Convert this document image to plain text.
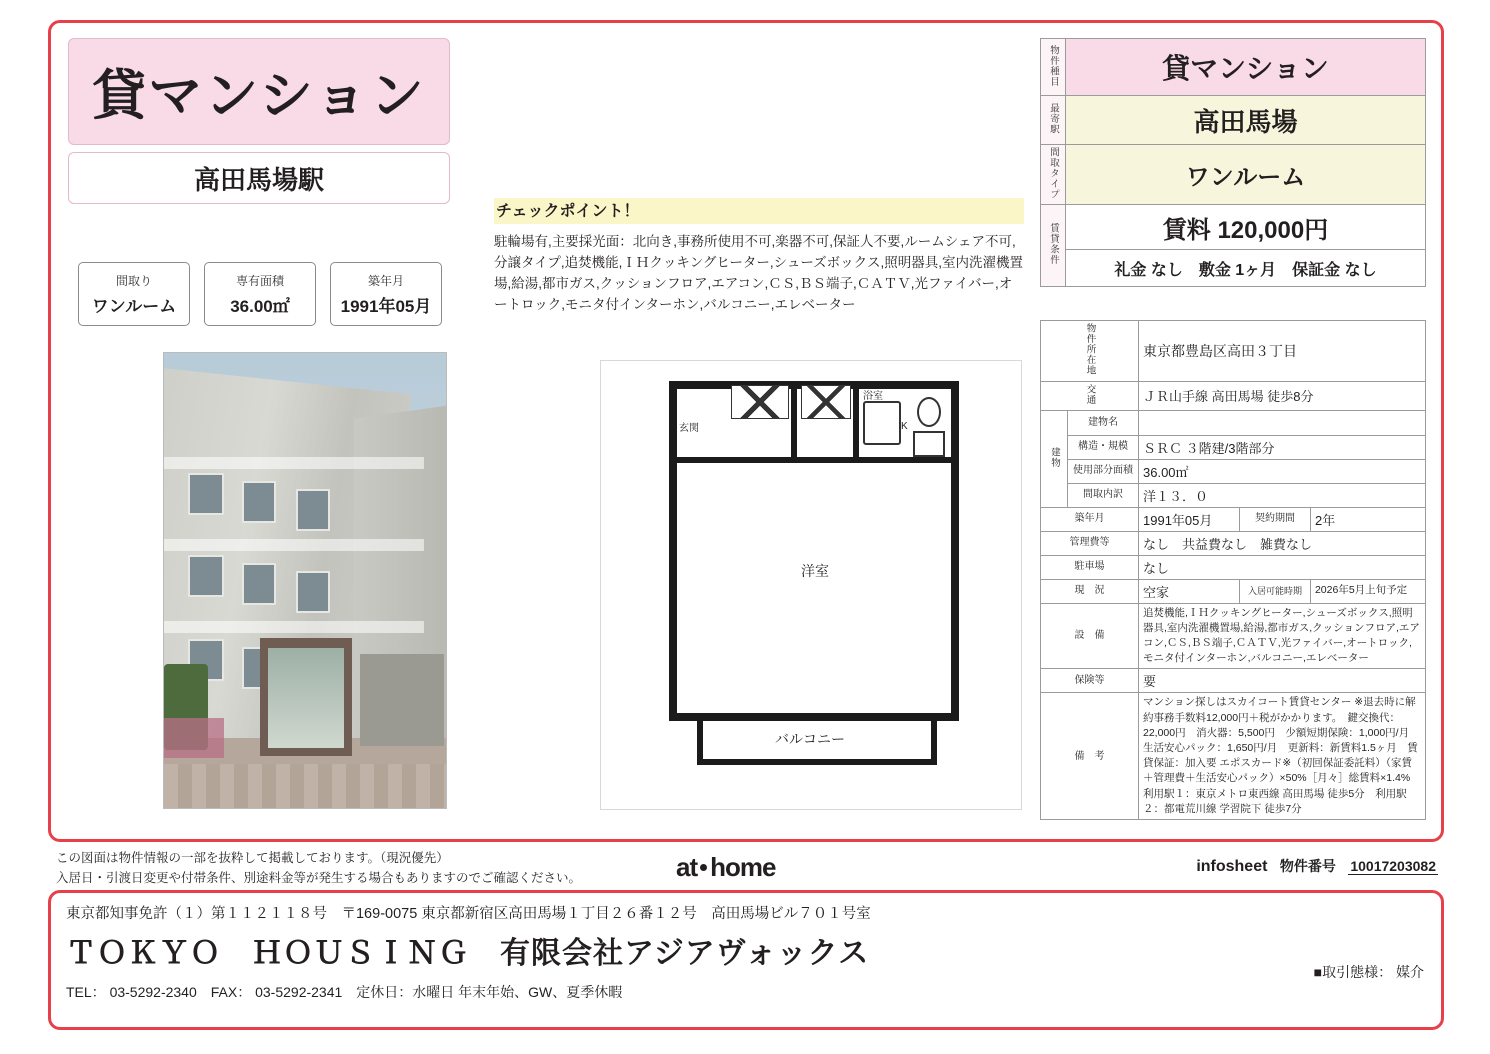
貸マンション
高田馬場駅
間取り
ワンルーム
専有面積
36.00㎡
築年月
1991年05月
チェックポイント！
駐輪場有,主要採光面：北向き,事務所使用不可,楽器不可,保証人不要,ルームシェア不可,分譲タイプ,追焚機能,ＩＨクッキングヒーター,シューズボックス,照明器具,室内洗濯機置場,給湯,都市ガス,クッションフロア,エアコン,ＣＳ,ＢＳ端子,ＣＡＴＶ,光ファイバー,オートロック,モニタ付インターホン,バルコニー,エレベーター
洋室
バルコニー
玄関
浴室
K
物件種目	貸マンション
最寄駅	高田馬場
間取タイプ	ワンルーム
賃貸条件	賃料 120,000円
	礼金 なし　敷金 1ヶ月　保証金 なし
物件所在地		東京都豊島区高田３丁目		
交通		ＪＲ山手線 高田馬場 徒歩8分		
建物	建物名			
	構造・規模	ＳＲＣ ３階建/3階部分		
	使用部分面積	36.00㎡		
	間取内訳	洋１３．０		
築年月		1991年05月	契約期間	2年
管理費等		なし　共益費なし　雑費なし		
駐車場		なし		
現　況		空家	入居可能時期	2026年5月上旬予定
設　備		追焚機能,ＩＨクッキングヒーター,シューズボックス,照明器具,室内洗濯機置場,給湯,都市ガス,クッションフロア,エアコン,ＣＳ,ＢＳ端子,ＣＡＴＶ,光ファイバー,オートロック,モニタ付インターホン,バルコニー,エレベーター		
保険等		要		
備　考		マンション探しはスカイコート賃貸センター ※退去時に解約事務手数料12,000円＋税がかかります。　鍵交換代：22,000円　消火器：5,500円　少額短期保険：1,000円/月　生活安心パック：1,650円/月　更新料：新賃料1.5ヶ月　賃貸保証：加入要 エポスカード※（初回保証委託料）（家賃＋管理費＋生活安心パック）×50%［月々］総賃料×1.4%　利用駅１：東京メトロ東西線 高田馬場 徒歩5分　利用駅２：都電荒川線 学習院下 徒歩7分		
この図面は物件情報の一部を抜粋して掲載しております。（現況優先）
入居日・引渡日変更や付帯条件、別途料金等が発生する場合もありますのでご確認ください。	at home	infosheet 物件番号 10017203082
東京都知事免許（１）第１１２１１８号　〒169-0075 東京都新宿区高田馬場１丁目２６番１２号　高田馬場ビル７０１号室
ＴＯＫＹＯ　ＨＯＵＳＩＮＧ　有限会社アジアヴォックス
TEL： 03-5292-2340　FAX： 03-5292-2341　定休日：水曜日 年末年始、GW、夏季休暇
■取引態様： 媒介
